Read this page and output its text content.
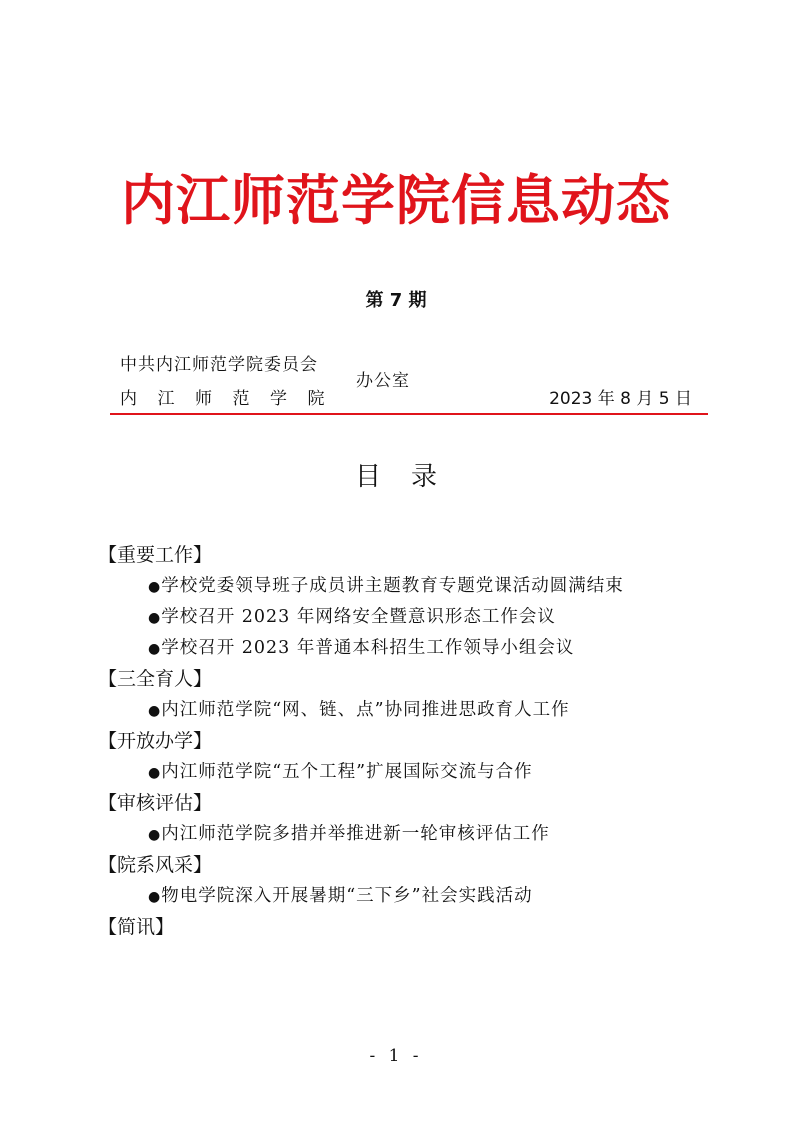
内江师范学院信息动态
第 7 期
中共内江师范学院委员会
内江师范学院
办公室
2023 年 8 月 5 日
目录
【重要工作】
●学校党委领导班子成员讲主题教育专题党课活动圆满结束
●学校召开 2023 年网络安全暨意识形态工作会议
●学校召开 2023 年普通本科招生工作领导小组会议
【三全育人】
●内江师范学院“网、链、点”协同推进思政育人工作
【开放办学】
●内江师范学院“五个工程”扩展国际交流与合作
【审核评估】
●内江师范学院多措并举推进新一轮审核评估工作
【院系风采】
●物电学院深入开展暑期“三下乡”社会实践活动
【简讯】
- 1 -
